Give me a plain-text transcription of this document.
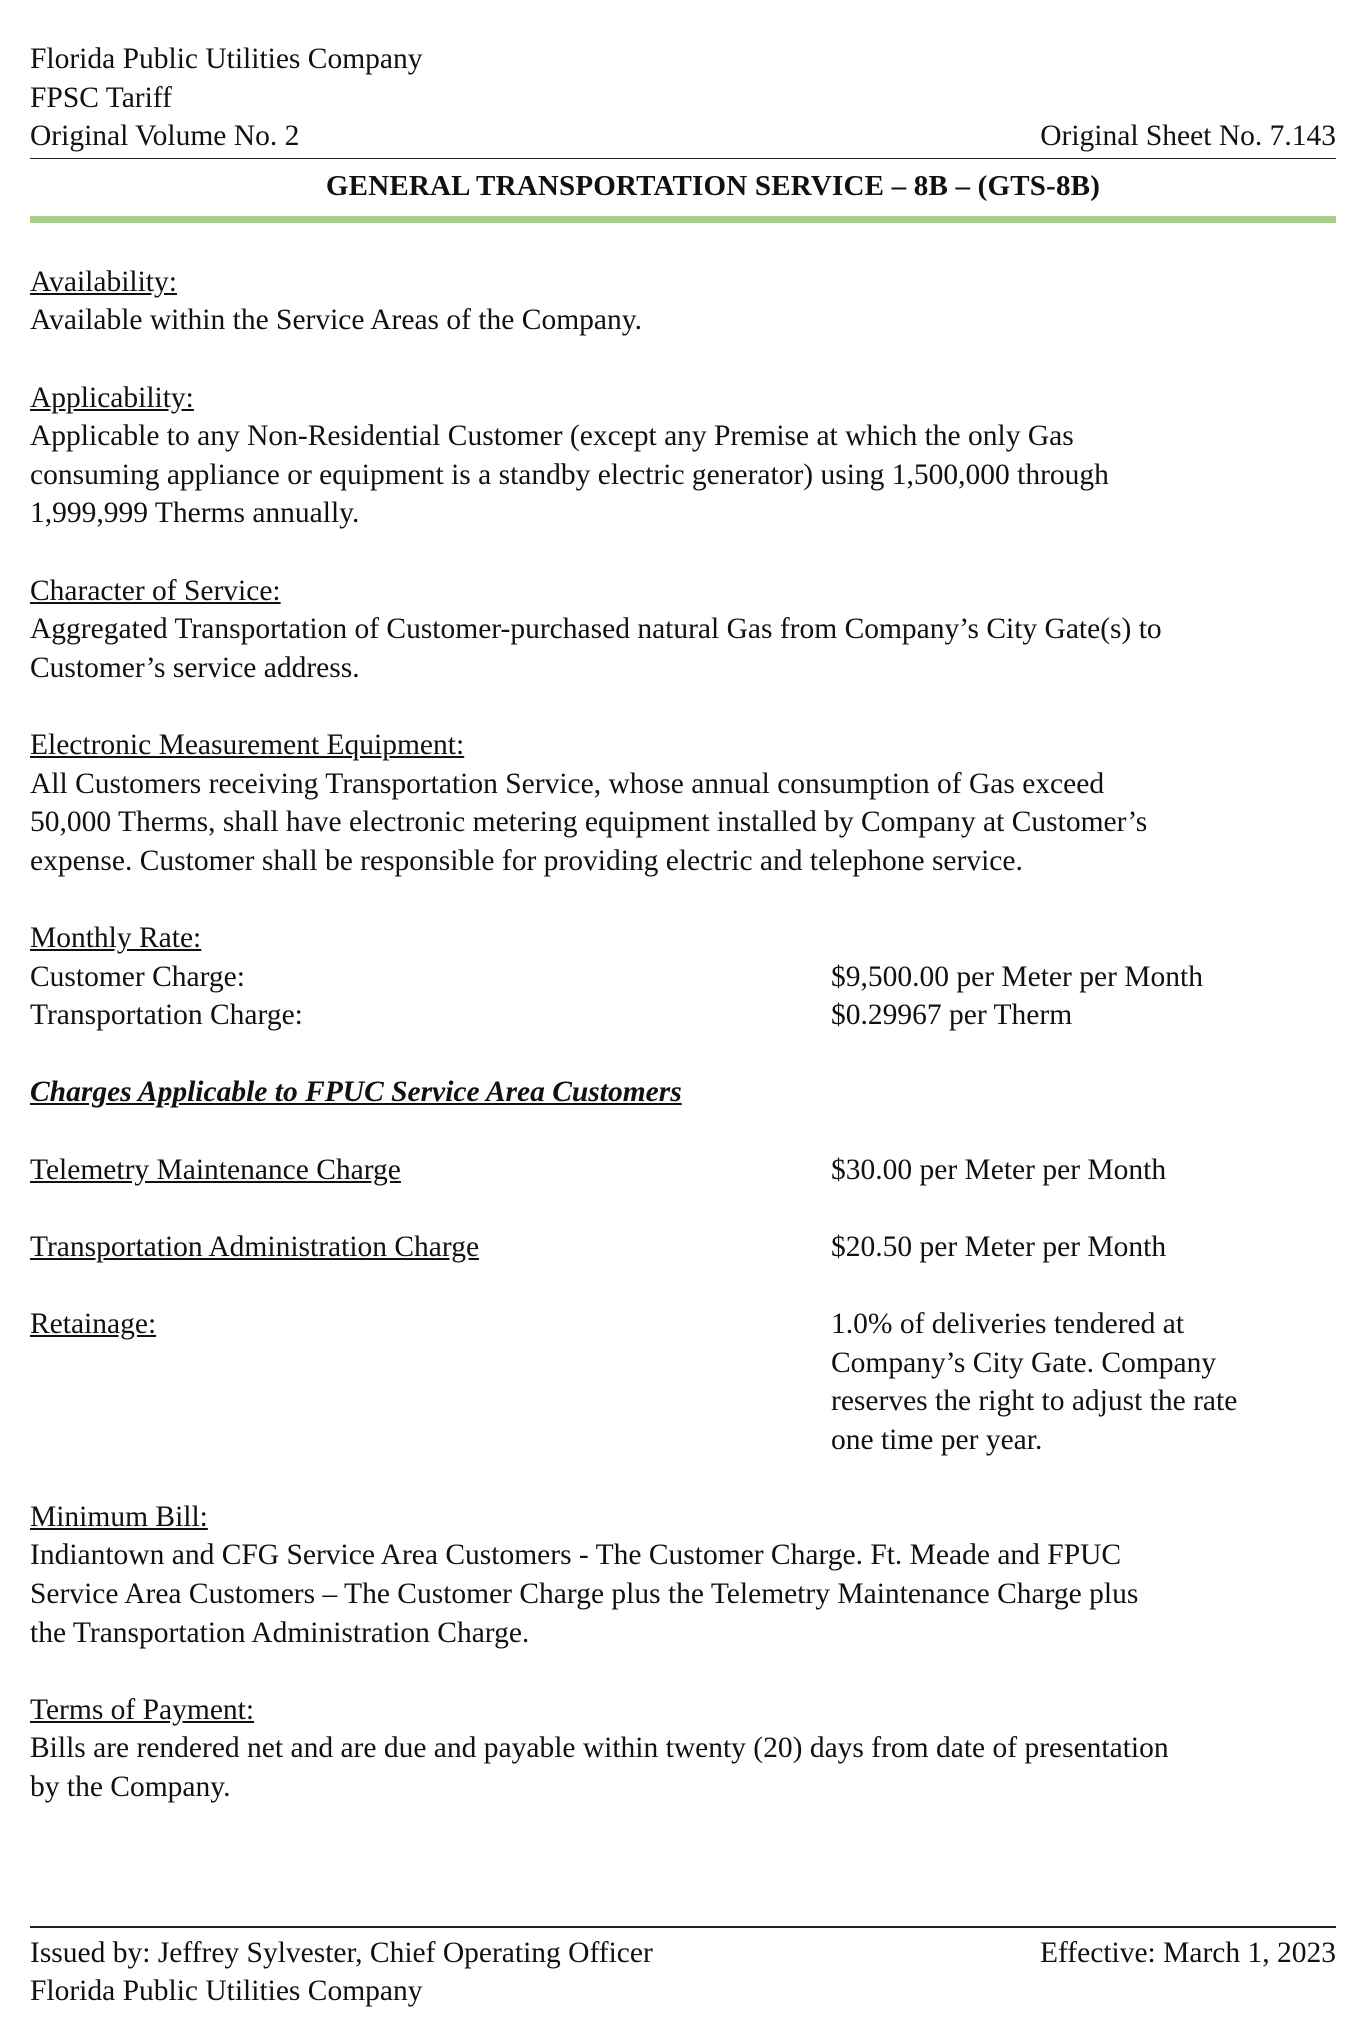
Florida Public Utilities Company
FPSC Tariff
Original Volume No. 2	Original Sheet No. 7.143
GENERAL TRANSPORTATION SERVICE – 8B – (GTS-8B)
Availability:
Available within the Service Areas of the Company.
Applicability:
Applicable to any Non-Residential Customer (except any Premise at which the only Gas
consuming appliance or equipment is a standby electric generator) using 1,500,000 through
1,999,999 Therms annually.
Character of Service:
Aggregated Transportation of Customer-purchased natural Gas from Company’s City Gate(s) to
Customer’s service address.
Electronic Measurement Equipment:
All Customers receiving Transportation Service, whose annual consumption of Gas exceed
50,000 Therms, shall have electronic metering equipment installed by Company at Customer’s
expense. Customer shall be responsible for providing electric and telephone service.
Monthly Rate:
Customer Charge:	$9,500.00 per Meter per Month
Transportation Charge:	$0.29967 per Therm
Charges Applicable to FPUC Service Area Customers
Telemetry Maintenance Charge	$30.00 per Meter per Month
Transportation Administration Charge	$20.50 per Meter per Month
Retainage:	1.0% of deliveries tendered at
Company’s City Gate. Company
reserves the right to adjust the rate
one time per year.
Minimum Bill:
Indiantown and CFG Service Area Customers - The Customer Charge. Ft. Meade and FPUC
Service Area Customers – The Customer Charge plus the Telemetry Maintenance Charge plus
the Transportation Administration Charge.
Terms of Payment:
Bills are rendered net and are due and payable within twenty (20) days from date of presentation
by the Company.
Issued by: Jeffrey Sylvester, Chief Operating Officer	Effective: March 1, 2023
Florida Public Utilities Company
